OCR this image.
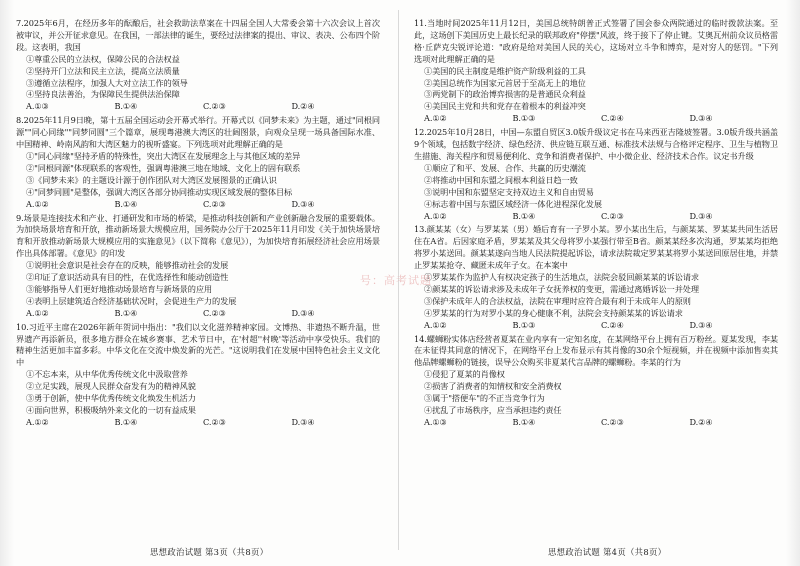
7.2025年6月，在经历多年的酝酿后，社会救助法草案在十四届全国人大常委会第十六次会议上首次被审议，并公开征求意见。在我国，一部法律的诞生，要经过法律案的提出、审议、表决、公布四个阶段。这表明，我国
①尊重公民的立法权，保障公民的合法权益
②坚持开门立法和民主立法，提高立法质量
③遵循立法程序，加强人大对立法工作的领导
④坚持良法善治，为保障民生提供法治保障
A.①③	B.①④	C.②③	D.②④
8.2025年11月9日晚，第十五届全国运动会开幕式举行。开幕式以《同梦未来》为主题，通过"同根同源""同心同缘""同梦同圆"三个篇章，展现粤港澳大湾区的壮阔图景，向观众呈现一场具备国际水准、中国精神、岭南风韵和大湾区魅力的视听盛宴。下列选项对此理解正确的是
①"同心同缘"坚持矛盾的特殊性，突出大湾区在发展理念上与其他区域的差异
②"同根同源"体现联系的客观性，强调粤港澳三地在地域、文化上的固有联系
③《同梦未来》的主题设计源于创作团队对大湾区发展图景的正确认识
④"同梦同圆"是整体，强调大湾区各部分协同推动实现区域发展的整体目标
A.①②	B.①④	C.②③	D.③④
9.场景是连接技术和产业、打通研发和市场的桥梁，是推动科技创新和产业创新融合发展的重要载体。为加快场景培育和开放，推动新场景大规模应用，国务院办公厅于2025年11月印发《关于加快场景培育和开放推动新场景大规模应用的实施意见》（以下简称《意见》），为加快培育拓展经济社会应用场景作出具体部署。《意见》的印发
①说明社会意识是社会存在的反映，能够推动社会的发展
②印证了意识活动具有目的性，在优选择性和能动创造性
③能够指导人们更好地推动场景培育与新场景的应用
④表明上层建筑适合经济基础状况时，会促进生产力的发展
A.①②	B.①④	C.②③	D.③④
10.习近平主席在2026年新年贺词中指出："我们以文化滋养精神家园。文博热、非遗热不断升温，世界遗产再添新员，很多地方群众在城乡赛事、艺术节日中，在'村超''村晚'等活动中享受快乐。我们的精神生活更加丰富多彩。中华文化在交流中焕发新的光芒。"这说明我们在发展中国特色社会主义文化中
①不忘本来，从中华优秀传统文化中汲取营养
②立足实践，展现人民群众奋发有为的精神风貌
③勇于创新，使中华优秀传统文化焕发生机活力
④面向世界，积极吸纳外来文化的一切有益成果
A.①②	B.①④	C.②③	D.③④
11.当地时间2025年11月12日，美国总统特朗普正式签署了国会参众两院通过的临时拨款法案。至此，这场创下美国历史上最长纪录的联邦政府"停摆"风波，终于接下了停止键。艾奥瓦州前众议员格雷格·丘萨克尖锐评论道："政府是给对美国人民的关心，这场对立斗争和博弈，是对穷人的惩罚。"下列选项对此理解正确的是
①美国的民主制度是维护资产阶级利益的工具
②美国总统作为国家元首居于至高无上的地位
③两党制下的政治博弈损害的是普通民众利益
④美国民主党和共和党存在着根本的利益冲突
A.①②	B.①③	C.②④	D.③④
12.2025年10月28日，中国—东盟自贸区3.0版升级议定书在马来西亚吉隆坡签署。3.0版升级共涵盖9个领域，包括数字经济、绿色经济、供应链互联互通、标准技术法规与合格评定程序、卫生与植物卫生措施、海关程序和贸易便利化、竞争和消费者保护、中小微企业、经济技术合作。议定书升级
①顺应了和平、发展、合作、共赢的历史潮流
②将推动中国和东盟之间根本利益日趋一致
③说明中国和东盟坚定支持双边主义和自由贸易
④标志着中国与东盟区域经济一体化进程深化发展
A.①②	B.①④	C.②③	D.③④
13.颜某某（女）与罗某某（男）婚后育有一子罗小某。罗小某出生后，与颜某某、罗某某共同生活居住在A省。后因家庭矛盾，罗某某及其父母将罗小某强行带至B省。颜某某经多次沟通，罗某某均拒绝将罗小某送回。颜某某遂向当地人民法院提起诉讼，请求法院裁定罗某某将罗小某送回原居住地，并禁止罗某某抢夺、藏匿未成年子女。在本案中
①罗某某作为监护人有权决定孩子的生活地点，法院会驳回颜某某的诉讼请求
②颜某某的诉讼请求涉及未成年子女抚养权的变更，需通过离婚诉讼一并处理
③保护未成年人的合法权益，法院在审理时应符合最有利于未成年人的原则
④罗某某的行为对罗小某的身心健康不利，法院会支持颜某某的诉讼请求
A.①②	B.①③	C.②④	D.③④
14.螺蛳粉实体店经营者夏某在业内享有一定知名度，在某网络平台上拥有百万粉丝。夏某发现，李某在未征得其同意的情况下，在网络平台上发布显示有其肖像的30余个短视频，并在视频中添加售卖其他品牌螺蛳粉的链接，误导公众购买非夏某代言品牌的螺蛳粉。李某的行为
①侵犯了夏某的肖像权
②损害了消费者的知情权和安全消费权
③属于"搭便车"的不正当竞争行为
④扰乱了市场秩序，应当承担违约责任
A.①③	B.①④	C.②③	D.②④
号：高考试题
思想政治试题 第3页（共8页）	思想政治试题 第4页（共8页）
